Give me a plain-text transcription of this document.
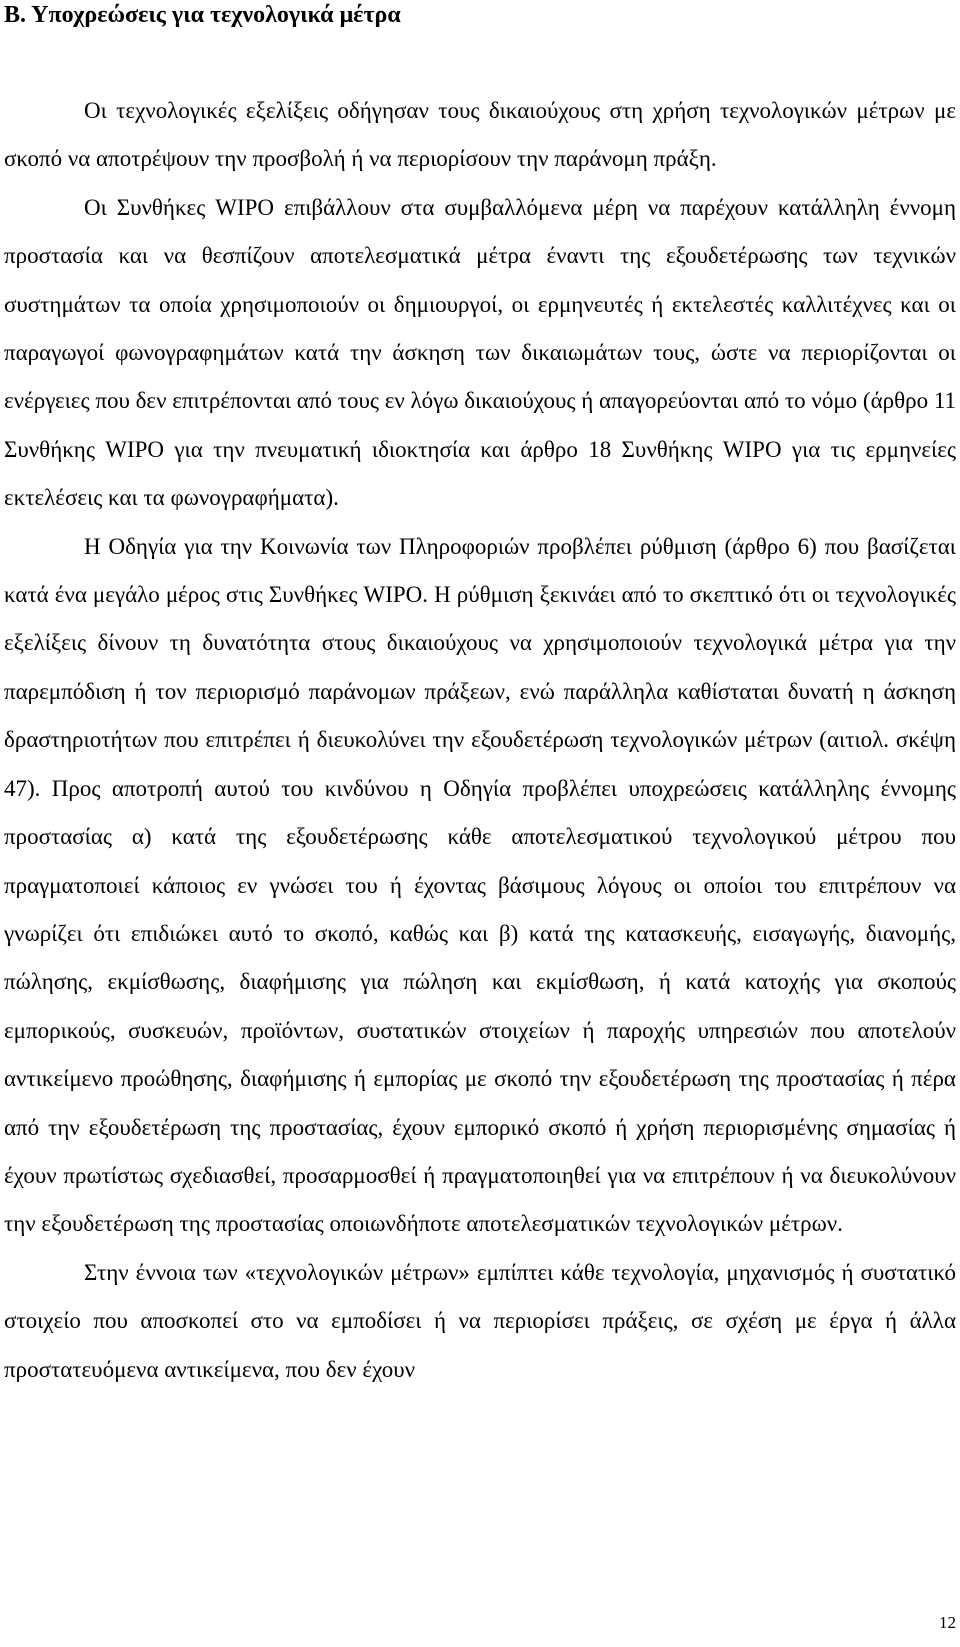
Β. Υποχρεώσεις για τεχνολογικά μέτρα

Οι τεχνολογικές εξελίξεις οδήγησαν τους δικαιούχους στη χρήση τεχνολογικών μέτρων με σκοπό να αποτρέψουν την προσβολή ή να περιορίσουν την παράνομη πράξη.

Οι Συνθήκες WIPO επιβάλλουν στα συμβαλλόμενα μέρη να παρέχουν κατάλληλη έννομη προστασία και να θεσπίζουν αποτελεσματικά μέτρα έναντι της εξουδετέρωσης των τεχνικών συστημάτων τα οποία χρησιμοποιούν οι δημιουργοί, οι ερμηνευτές ή εκτελεστές καλλιτέχνες και οι παραγωγοί φωνογραφημάτων κατά την άσκηση των δικαιωμάτων τους, ώστε να περιορίζονται οι ενέργειες που δεν επιτρέπονται από τους εν λόγω δικαιούχους ή απαγορεύονται από το νόμο (άρθρο 11 Συνθήκης WIPO για την πνευματική ιδιοκτησία και άρθρο 18 Συνθήκης WIPO για τις ερμηνείες εκτελέσεις και τα φωνογραφήματα).

Η Οδηγία για την Κοινωνία των Πληροφοριών προβλέπει ρύθμιση (άρθρο 6) που βασίζεται κατά ένα μεγάλο μέρος στις Συνθήκες WIPO. Η ρύθμιση ξεκινάει από το σκεπτικό ότι οι τεχνολογικές εξελίξεις δίνουν τη δυνατότητα στους δικαιούχους να χρησιμοποιούν τεχνολογικά μέτρα για την παρεμπόδιση ή τον περιορισμό παράνομων πράξεων, ενώ παράλληλα καθίσταται δυνατή η άσκηση δραστηριοτήτων που επιτρέπει ή διευκολύνει την εξουδετέρωση τεχνολογικών μέτρων (αιτιολ. σκέψη 47). Προς αποτροπή αυτού του κινδύνου η Οδηγία προβλέπει υποχρεώσεις κατάλληλης έννομης προστασίας α) κατά της εξουδετέρωσης κάθε αποτελεσματικού τεχνολογικού μέτρου που πραγματοποιεί κάποιος εν γνώσει του ή έχοντας βάσιμους λόγους οι οποίοι του επιτρέπουν να γνωρίζει ότι επιδιώκει αυτό το σκοπό, καθώς και β) κατά της κατασκευής, εισαγωγής, διανομής, πώλησης, εκμίσθωσης, διαφήμισης για πώληση και εκμίσθωση, ή κατά κατοχής για σκοπούς εμπορικούς, συσκευών, προϊόντων, συστατικών στοιχείων ή παροχής υπηρεσιών που αποτελούν αντικείμενο προώθησης, διαφήμισης ή εμπορίας με σκοπό την εξουδετέρωση της προστασίας ή πέρα από την εξουδετέρωση της προστασίας, έχουν εμπορικό σκοπό ή χρήση περιορισμένης σημασίας ή έχουν πρωτίστως σχεδιασθεί, προσαρμοσθεί ή πραγματοποιηθεί για να επιτρέπουν ή να διευκολύνουν την εξουδετέρωση της προστασίας οποιωνδήποτε αποτελεσματικών τεχνολογικών μέτρων.

Στην έννοια των «τεχνολογικών μέτρων» εμπίπτει κάθε τεχνολογία, μηχανισμός ή συστατικό στοιχείο που αποσκοπεί στο να εμποδίσει ή να περιορίσει πράξεις, σε σχέση με έργα ή άλλα προστατευόμενα αντικείμενα, που δεν έχουν

12
